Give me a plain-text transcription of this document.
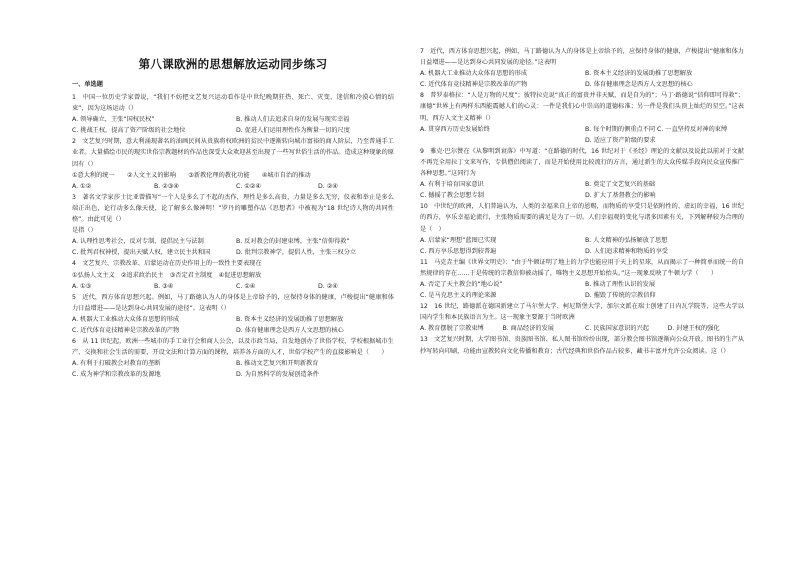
第八课欧洲的思想解放运动同步练习
一、单选题

1　中国一位历史学家曾说，“我们不妨把文艺复兴运动看作是中世纪晚期狂热、死亡、灾变、迷信和冷漠心情的结束”，因为这场运动（）

A. 领导确立，王张“国权民权”	B. 推动人们去追求自身的发展与现实幸福
C. 挑战王权，提高了资产阶级的社会地位	D. 促进人们运用理性作为衡量一切的尺度

2　文艺复兴时期，意大利涌现著名的油画民间从贵族将权欧洲的贫民中逐渐转向城市富裕的商人阶层，乃至普通手工业者。大量描绘市民的现实世俗宗教题材的作品也深受大众欢迎甚至出现了一些写世俗生活的作品。造成这种现象的原因有（）

①意大利的统一　　②人文主义的影响　　③新教伦理的教化功能　　④城市自治的推动

A. ①②	B. ②③④	C. ①②④	D. ②④

3　著名文学家莎士比亚曾描写“一个人是多么了不起的杰作，理性是多么高贵，力量是多么无穷，仪表和举止是多么端正出色，论行动多么像天使，论了解多么像神明！”罗丹的雕塑作品《思想者》中被视为“18 世纪诗人物的共同性格”。由此可见（）

是指（）

A. 认理性思考社会，反对专制，提倡民主与法制	B. 反对教会的封建束缚，主张“信仰得救”
C. 批判君权神授，提出天赋人权，建立民主共和国	D. 批判宗教神学，提倡人性，主张三权分立

4　文艺复兴、宗教改革、启蒙运动在历史作用上的一致性主要表现在

①弘扬人文主义　②追求政治民主　③否定君主制度　④促进思想解放

A. ①③	B. ③④	C. ①④	D. ②④

5　近代，西方体育思想兴起。例如，马丁路德认为人的身体是上帝给予的，应保持身体的健康，卢梭提出“健康和体力日益增进——是达到身心共同发展的途径”。这表明（）

A. 机器大工业推动大众体育思想的形成	B. 资本主义经济的发展助推了思想解放
C. 近代体育竞技精神是宗教改革的产物	D. 体育健康理念是西方人文思想的核心

6　从 11 世纪起，欧洲一些城市的手工业行会和商人公会，以及市政当局，自发地创办了世俗学校，学校根据城市生产、交换和社会生活的需要，开设文法和计算方面的课程，培养各方面的人才，世俗学校产生的直接影响是（　　）

A. 有利于打破教会对教育的垄断	B. 推动文艺复兴和开明新教育
C. 成为神学和宗教改革的发源地	D. 为自然科学的发展创造条件

7　近代，西方体育思想兴起，例如，马丁路德认为人的身体是上帝给予的，应保持身体的健康，卢梭提出“健康和体力日益增进——是达到身心共同发展的途径。”这表明

A. 机器大工业推动大众体育思想的形成	B. 资本主义经济的发展助推了思想解放
C. 近代体育竞技精神是宗教改革的产物	D. 体育健康理念是西方人文思想的核心

8　普罗泰格拉：“人是万物的尺度”；彼特拉克说“真正的富贵并非天赋，而是自为的”；马丁·路德说“信仰即可得救”；康德“世界上有两样东西能震撼人们的心灵：一件是我们心中崇高的道德标准；另一件是我们头顶上灿烂的星空。”这表明，西方人文主义精神（）

A. 贯穿西方历史发展始终	B. 每个时期的侧重点不同 C. 一直坚持反对神的束缚
D. 适应了资产阶级的要求

9　雅克·巴尔赞在《从黎明到衰落》中写道：“在路德的时代，16 世纪对于《圣经》理论的文献以及说此以前对于文献不再完全用拉丁文来写作，专供僧侣阅读了，而是开始使用比较流行的方言，通过新生的大众传媒手段向民众宣传推广各种思想。”这同行为

A. 有利于培育国家意识	B. 奠定了文艺复兴的基础
C. 撼摇了教会思想专制	D. 扩大了基督教会的影响

10　中世纪的欧洲，人们普遍认为，人类的幸福来自上帝的恩赐，而物质的享受只是依附性的、虚幻的幸福，16 世纪的西方，享乐幸福论流行，主张物质需要的满足是为了一切。人们幸福观的变化与诸多因素有关，下列解释较为合理的是（　）

A. 启蒙家“理想”蓝图已实现	B. 人文精神的弘扬解放了思想
C. 西方享乐思想得到较普遍	D. 人们追求精神和物质的享受

11　马克垚主编《世界文明史》：“由于牛顿证明了地上的力学也能应用于天上的星球，从而揭示了一种简单而统一的自然规律的存在……于是传统的宗教信仰被动摇了，唯物主义思想开始抬头。”这一现象反映了牛顿力学（　　）

A. 否定了天主教会的“地心说”	B. 推动了理性认识的发展
C. 是马克思主义的理论来源	D. 摧毁了传统的宗教信仰

12　16 世纪，路德派在德国新建立了马尔堡大学、柯尼斯堡大学，加尔文派在瑞士创建了日内瓦学院等，这些大学以国内学生和本民族语言为主。这一现象主要源于当时欧洲

A. 教育摆脱了宗教束缚	B. 商品经济的发展	C. 民族国家意识的兴起	D. 封建王权的强化

13　文艺复兴时期，大学图书馆、贵族图书馆、私人图书馆纷纷出现，部分教会图书馆逐渐向公众开放。图书的生产从抄写转向印刷，功能由宣教转向文化传播和教育；古代经典和世俗作品占较多，藏书丰富并允许公众阅读。这（）
